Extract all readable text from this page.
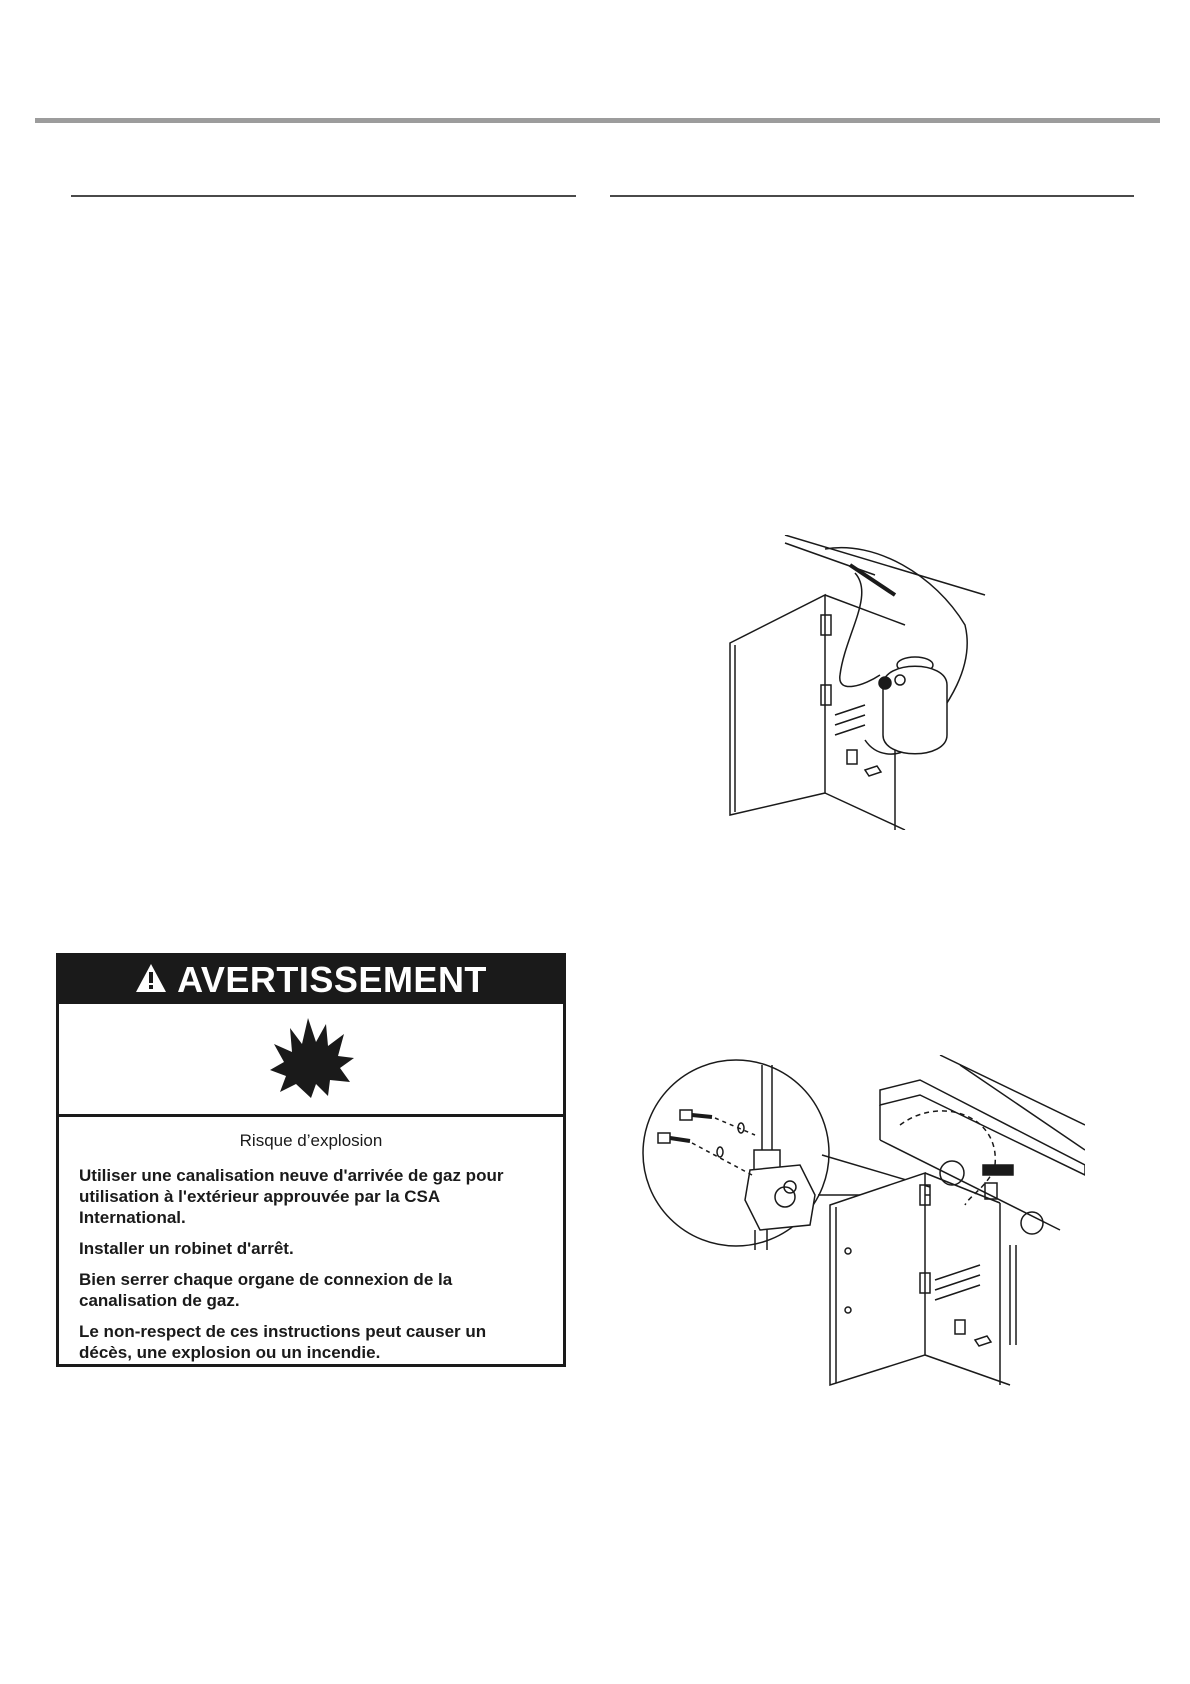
AVERTISSEMENT

Risque d’explosion

Utiliser une canalisation neuve d'arrivée de gaz pour utilisation à l'extérieur approuvée par la CSA International.

Installer un robinet d'arrêt.

Bien serrer chaque organe de connexion de la canalisation de gaz.

Le non-respect de ces instructions peut causer un décès, une explosion ou un incendie.
